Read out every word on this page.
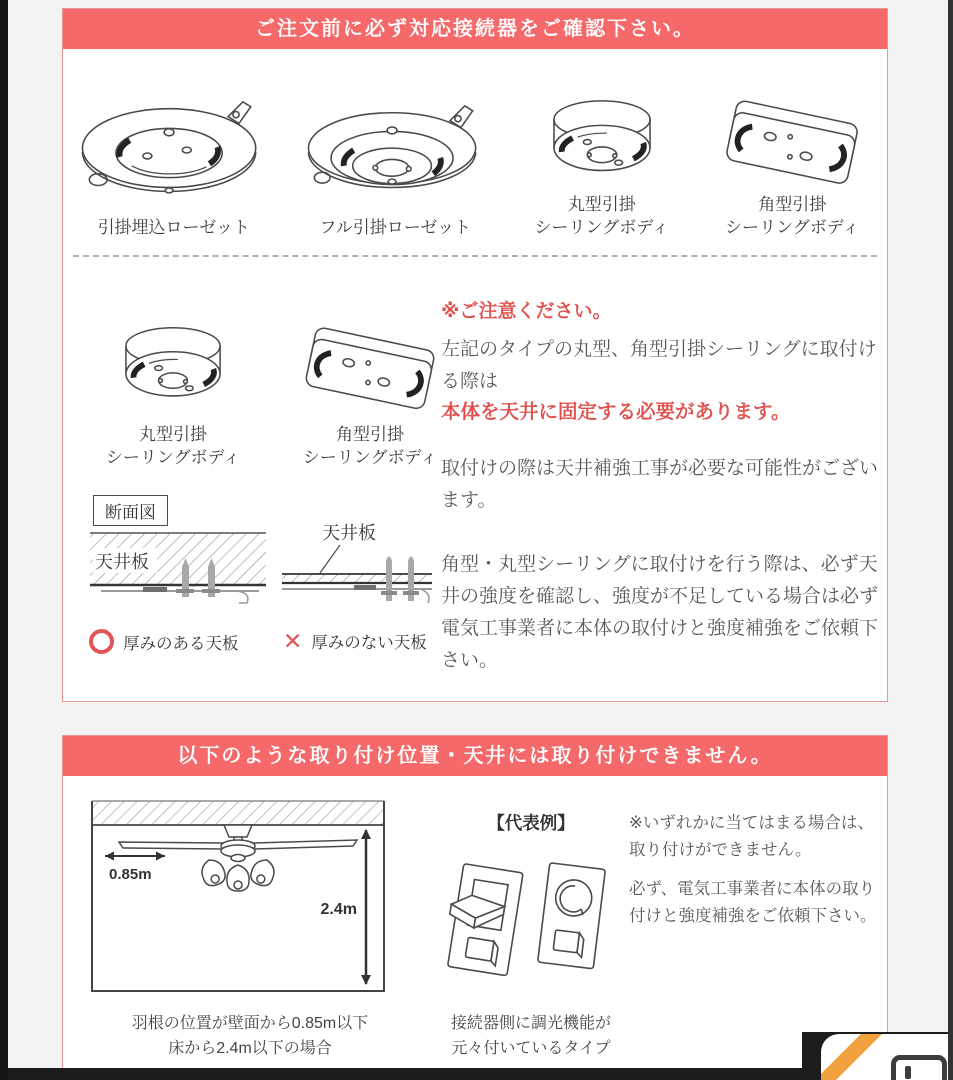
ご注文前に必ず対応接続器をご確認下さい。
引掛埋込ローゼット	フル引掛ローゼット
丸型引掛
シーリングボディ
角型引掛
シーリングボディ
丸型引掛
シーリングボディ
角型引掛
シーリングボディ
断面図
天井板
天井板
厚みのある天板 ✕ 厚みのない天板
※ご注意ください。
左記のタイプの丸型、角型引掛シーリングに取付ける際は
本体を天井に固定する必要があります。
取付けの際は天井補強工事が必要な可能性がございます。
角型・丸型シーリングに取付けを行う際は、必ず天井の強度を確認し、強度が不足している場合は必ず電気工事業者に本体の取付けと強度補強をご依頼下さい。
以下のような取り付け位置・天井には取り付けできません。
0.85m
2.4m
羽根の位置が壁面から0.85m以下
床から2.4m以下の場合
【代表例】
接続器側に調光機能が
元々付いているタイプ
※いずれかに当てはまる場合は、
取り付けができません。
必ず、電気工事業者に本体の取り
付けと強度補強をご依頼下さい。
